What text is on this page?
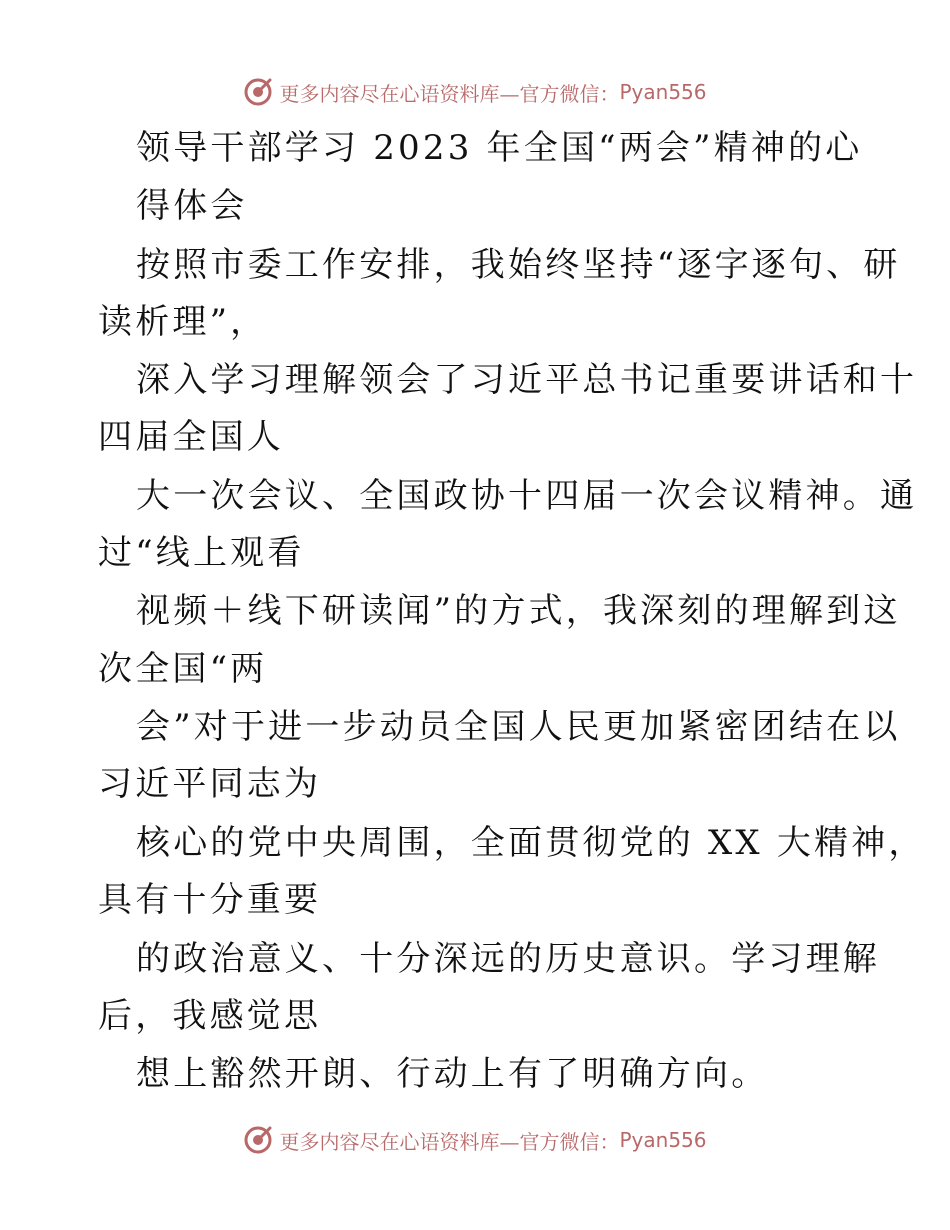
更多内容尽在心语资料库—官方微信： Pyan556

领导干部学习 2023 年全国“两会”精神的心

得体会

按照市委工作安排，我始终坚持“逐字逐句、研

读析理”，

深入学习理解领会了习近平总书记重要讲话和十

四届全国人

大一次会议、全国政协十四届一次会议精神。通

过“线上观看

视频＋线下研读闻”的方式，我深刻的理解到这

次全国“两

会”对于进一步动员全国人民更加紧密团结在以

习近平同志为

核心的党中央周围，全面贯彻党的 XX 大精神，

具有十分重要

的政治意义、十分深远的历史意识。学习理解

后，我感觉思

想上豁然开朗、行动上有了明确方向。

更多内容尽在心语资料库—官方微信： Pyan556
